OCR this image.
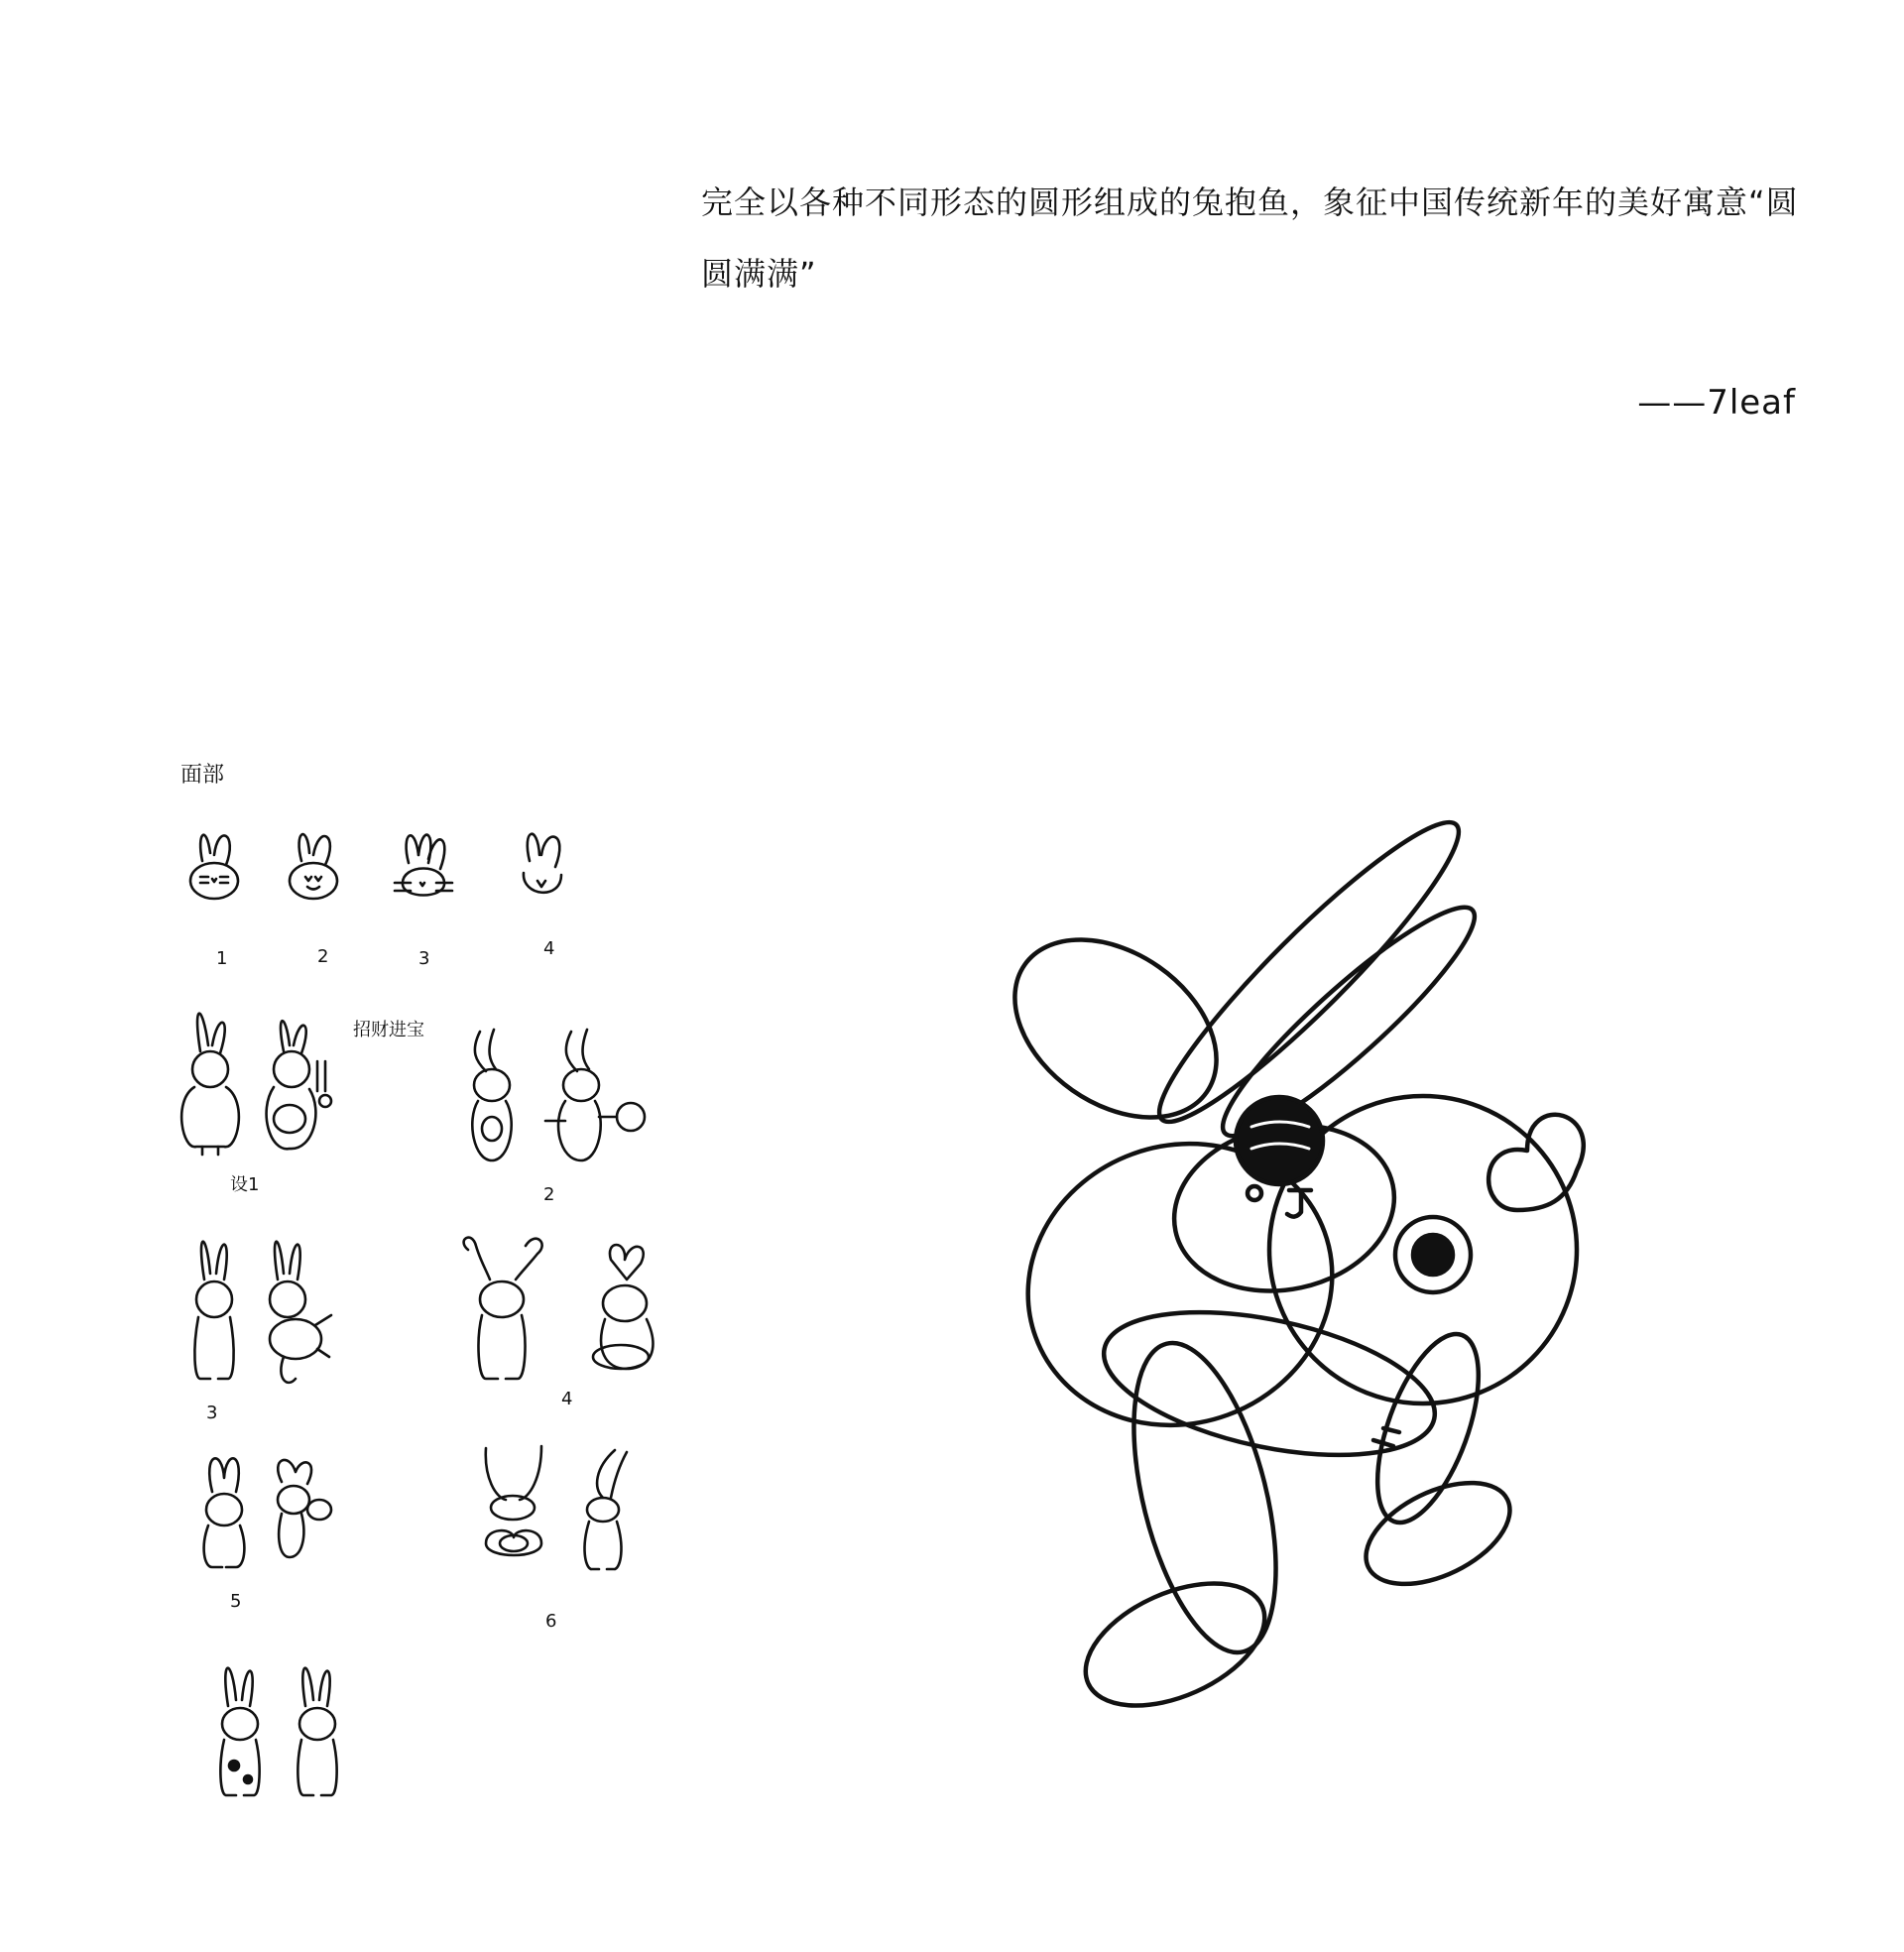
完全以各种不同形态的圆形组成的兔抱鱼，象征中国传统新年的美好寓意“圆圆满满”

——7leaf
面部
1	2	3	4
设1
招财进宝
2
3
4
5
6
